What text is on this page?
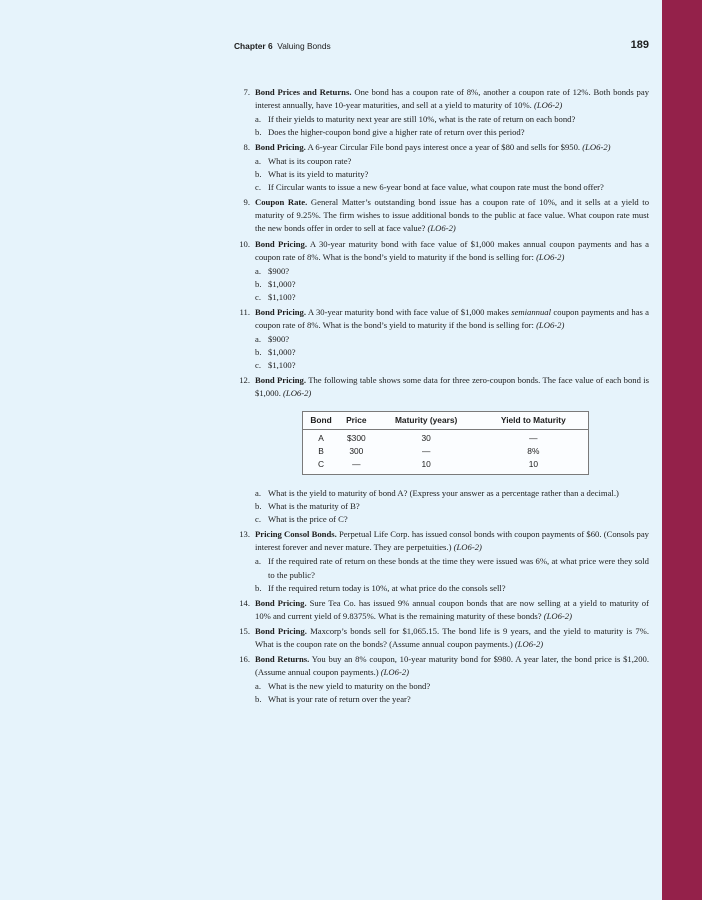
Chapter 6 Valuing Bonds	189
7. Bond Prices and Returns. One bond has a coupon rate of 8%, another a coupon rate of 12%. Both bonds pay interest annually, have 10-year maturities, and sell at a yield to maturity of 10%. (LO6-2)
a. If their yields to maturity next year are still 10%, what is the rate of return on each bond?
b. Does the higher-coupon bond give a higher rate of return over this period?
8. Bond Pricing. A 6-year Circular File bond pays interest once a year of $80 and sells for $950. (LO6-2)
a. What is its coupon rate?
b. What is its yield to maturity?
c. If Circular wants to issue a new 6-year bond at face value, what coupon rate must the bond offer?
9. Coupon Rate. General Matter’s outstanding bond issue has a coupon rate of 10%, and it sells at a yield to maturity of 9.25%. The firm wishes to issue additional bonds to the public at face value. What coupon rate must the new bonds offer in order to sell at face value? (LO6-2)
10. Bond Pricing. A 30-year maturity bond with face value of $1,000 makes annual coupon payments and has a coupon rate of 8%. What is the bond’s yield to maturity if the bond is selling for: (LO6-2)
a. $900?
b. $1,000?
c. $1,100?
11. Bond Pricing. A 30-year maturity bond with face value of $1,000 makes semiannual coupon payments and has a coupon rate of 8%. What is the bond’s yield to maturity if the bond is selling for: (LO6-2)
a. $900?
b. $1,000?
c. $1,100?
12. Bond Pricing. The following table shows some data for three zero-coupon bonds. The face value of each bond is $1,000. (LO6-2)
Bond	Price	Maturity (years)	Yield to Maturity
A	$300	30	—
B	300	—	8%
C	—	10	10
a. What is the yield to maturity of bond A? (Express your answer as a percentage rather than a decimal.)
b. What is the maturity of B?
c. What is the price of C?
13. Pricing Consol Bonds. Perpetual Life Corp. has issued consol bonds with coupon payments of $60. (Consols pay interest forever and never mature. They are perpetuities.) (LO6-2)
a. If the required rate of return on these bonds at the time they were issued was 6%, at what price were they sold to the public?
b. If the required return today is 10%, at what price do the consols sell?
14. Bond Pricing. Sure Tea Co. has issued 9% annual coupon bonds that are now selling at a yield to maturity of 10% and current yield of 9.8375%. What is the remaining maturity of these bonds? (LO6-2)
15. Bond Pricing. Maxcorp’s bonds sell for $1,065.15. The bond life is 9 years, and the yield to maturity is 7%. What is the coupon rate on the bonds? (Assume annual coupon payments.) (LO6-2)
16. Bond Returns. You buy an 8% coupon, 10-year maturity bond for $980. A year later, the bond price is $1,200. (Assume annual coupon payments.) (LO6-2)
a. What is the new yield to maturity on the bond?
b. What is your rate of return over the year?
